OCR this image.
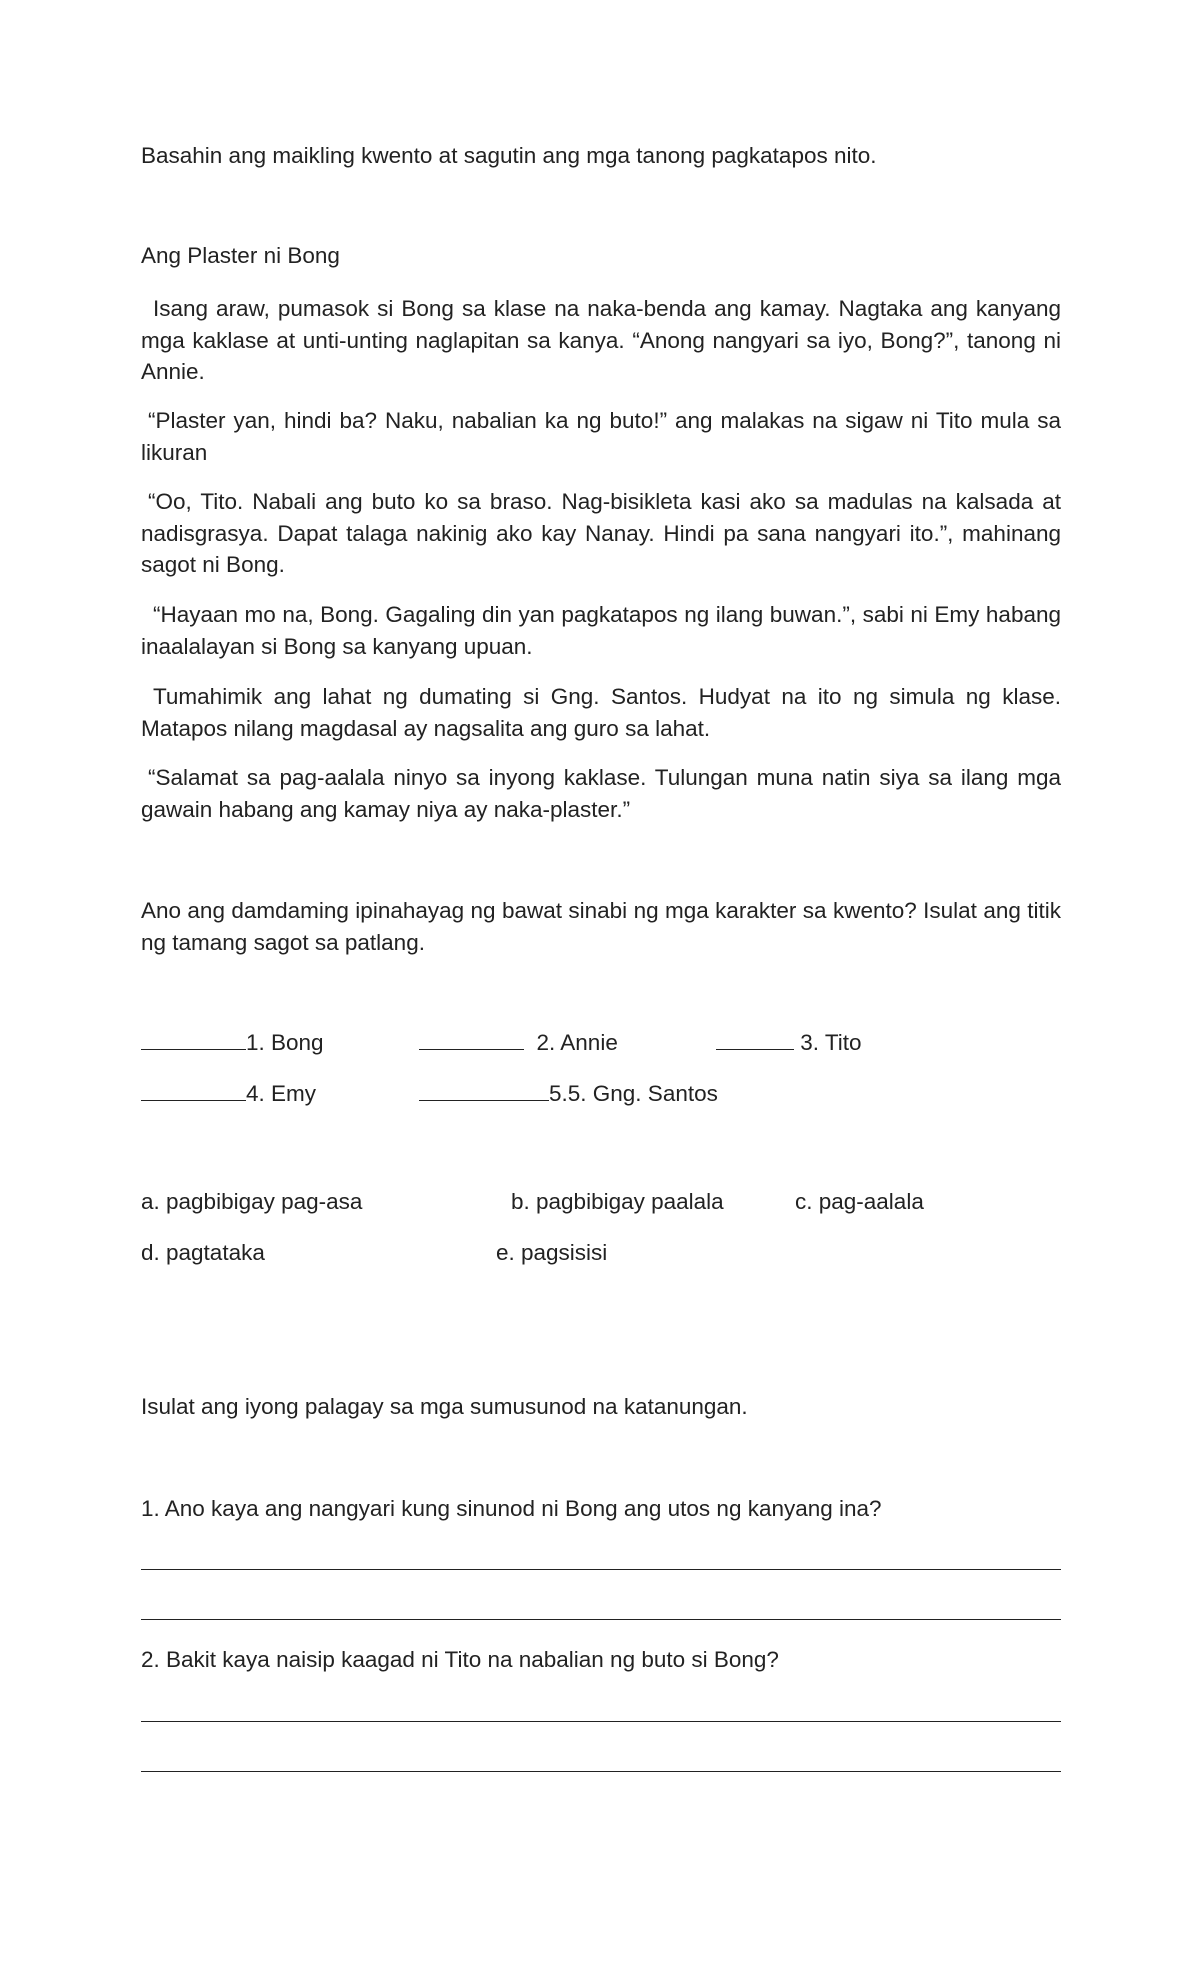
Basahin ang maikling kwento at sagutin ang mga tanong pagkatapos nito.
Ang Plaster ni Bong
Isang araw, pumasok si Bong sa klase na naka-benda ang kamay. Nagtaka ang kanyang mga kaklase at unti-unting naglapitan sa kanya. “Anong nangyari sa iyo, Bong?”, tanong ni Annie.
“Plaster yan, hindi ba? Naku, nabalian ka ng buto!” ang malakas na sigaw ni Tito mula sa likuran
“Oo, Tito. Nabali ang buto ko sa braso. Nag-bisikleta kasi ako sa madulas na kalsada at nadisgrasya. Dapat talaga nakinig ako kay Nanay. Hindi pa sana nangyari ito.”, mahinang sagot ni Bong.
“Hayaan mo na, Bong. Gagaling din yan pagkatapos ng ilang buwan.”, sabi ni Emy habang inaalalayan si Bong sa kanyang upuan.
Tumahimik ang lahat ng dumating si Gng. Santos. Hudyat na ito ng simula ng klase. Matapos nilang magdasal ay nagsalita ang guro sa lahat.
“Salamat sa pag-aalala ninyo sa inyong kaklase. Tulungan muna natin siya sa ilang mga gawain habang ang kamay niya ay naka-plaster.”
Ano ang damdaming ipinahayag ng bawat sinabi ng mga karakter sa kwento? Isulat ang titik ng tamang sagot sa patlang.
1. Bong	2. Annie	3. Tito
4. Emy	5.5. Gng. Santos
a. pagbibigay pag-asa	b. pagbibigay paalala	c. pag-aalala
d. pagtataka	e. pagsisisi
Isulat ang iyong palagay sa mga sumusunod na katanungan.
1. Ano kaya ang nangyari kung sinunod ni Bong ang utos ng kanyang ina?
2. Bakit kaya naisip kaagad ni Tito na nabalian ng buto si Bong?
